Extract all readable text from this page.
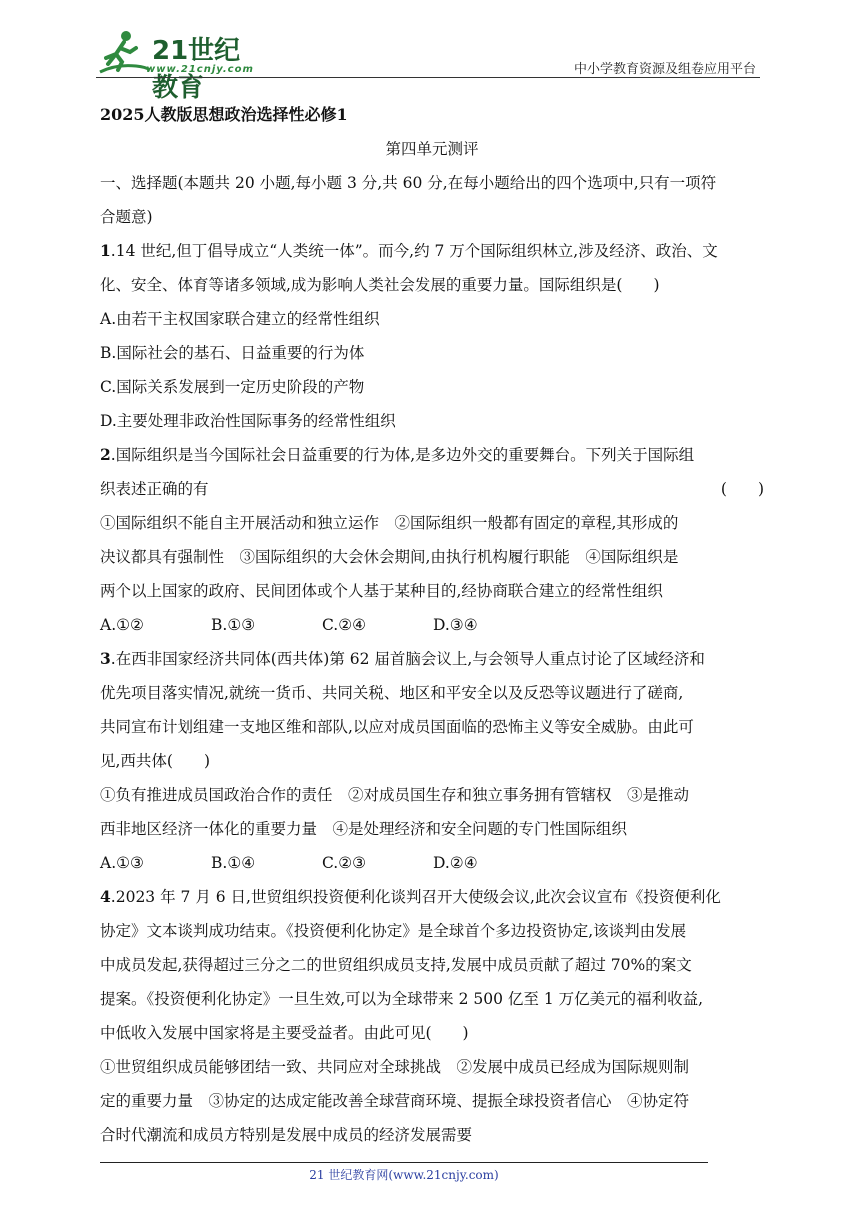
21世纪教育
www.21cnjy.com	中小学教育资源及组卷应用平台
2025人教版思想政治选择性必修1
第四单元测评
一、选择题(本题共 20 小题,每小题 3 分,共 60 分,在每小题给出的四个选项中,只有一项符
合题意)
1.14 世纪,但丁倡导成立“人类统一体”。而今,约 7 万个国际组织林立,涉及经济、政治、文
化、安全、体育等诸多领域,成为影响人类社会发展的重要力量。国际组织是(　　)
A.由若干主权国家联合建立的经常性组织
B.国际社会的基石、日益重要的行为体
C.国际关系发展到一定历史阶段的产物
D.主要处理非政治性国际事务的经常性组织
2.国际组织是当今国际社会日益重要的行为体,是多边外交的重要舞台。下列关于国际组
织表述正确的有	(　　)
①国际组织不能自主开展活动和独立运作　②国际组织一般都有固定的章程,其形成的
决议都具有强制性　③国际组织的大会休会期间,由执行机构履行职能　④国际组织是
两个以上国家的政府、民间团体或个人基于某种目的,经协商联合建立的经常性组织
A.①②	B.①③	C.②④	D.③④
3.在西非国家经济共同体(西共体)第 62 届首脑会议上,与会领导人重点讨论了区域经济和
优先项目落实情况,就统一货币、共同关税、地区和平安全以及反恐等议题进行了磋商,
共同宣布计划组建一支地区维和部队,以应对成员国面临的恐怖主义等安全威胁。由此可
见,西共体(　　)
①负有推进成员国政治合作的责任　②对成员国生存和独立事务拥有管辖权　③是推动
西非地区经济一体化的重要力量　④是处理经济和安全问题的专门性国际组织
A.①③	B.①④	C.②③	D.②④
4.2023 年 7 月 6 日,世贸组织投资便利化谈判召开大使级会议,此次会议宣布《投资便利化
协定》文本谈判成功结束。《投资便利化协定》是全球首个多边投资协定,该谈判由发展
中成员发起,获得超过三分之二的世贸组织成员支持,发展中成员贡献了超过 70%的案文
提案。《投资便利化协定》一旦生效,可以为全球带来 2 500 亿至 1 万亿美元的福利收益,
中低收入发展中国家将是主要受益者。由此可见(　　)
①世贸组织成员能够团结一致、共同应对全球挑战　②发展中成员已经成为国际规则制
定的重要力量　③协定的达成定能改善全球营商环境、提振全球投资者信心　④协定符
合时代潮流和成员方特别是发展中成员的经济发展需要
21 世纪教育网(www.21cnjy.com)
